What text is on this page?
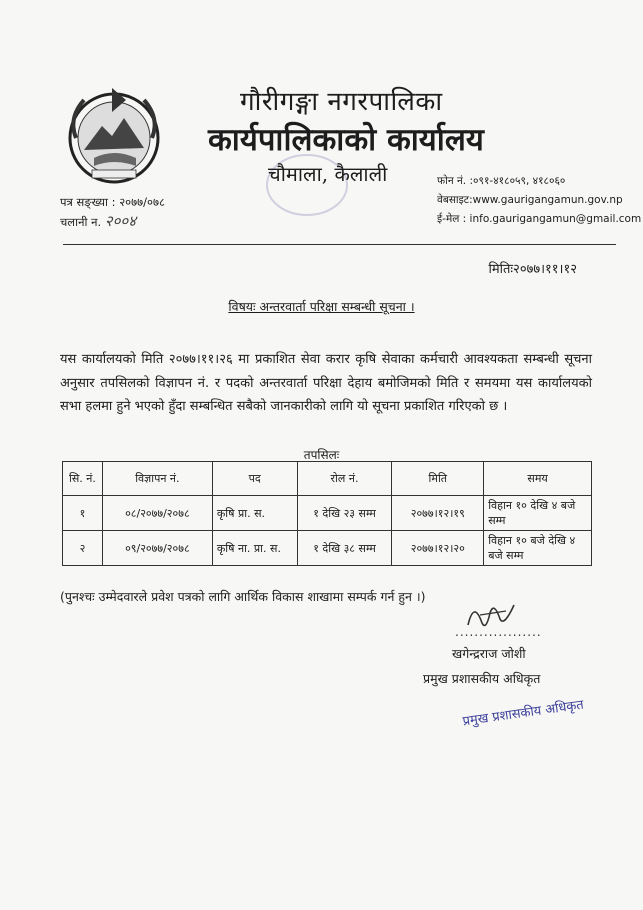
गौरीगङ्गा नगरपालिका
कार्यपालिकाको कार्यालय
चौमाला, कैलाली	फोन नं. :०९१-४१८०५९, ४१८०६०
वेबसाइट:www.gaurigangamun.gov.np
ई-मेल : info.gaurigangamun@gmail.com
पत्र सङ्ख्या : २०७७/०७८
चलानी न. २००४
मितिः२०७७।११।१२
विषयः अन्तरवार्ता परिक्षा सम्बन्धी सूचना ।
यस कार्यालयको मिति २०७७।११।२६ मा प्रकाशित सेवा करार कृषि सेवाका कर्मचारी आवश्यकता सम्बन्धी सूचना अनुसार तपसिलको विज्ञापन नं. र पदको अन्तरवार्ता परिक्षा देहाय बमोजिमको मिति र समयमा यस कार्यालयको सभा हलमा हुने भएको हुँदा सम्बन्धित सबैको जानकारीको लागि यो सूचना प्रकाशित गरिएको छ ।
तपसिलः
सि. नं.	विज्ञापन नं.	पद	रोल नं.	मिति	समय
१	०८/२०७७/२०७८	कृषि प्रा. स.	१ देखि २३ सम्म	२०७७।१२।१९	विहान १० देखि ४ बजे सम्म
२	०९/२०७७/२०७८	कृषि ना. प्रा. स.	१ देखि ३८ सम्म	२०७७।१२।२०	विहान १० बजे देखि ४ बजे सम्म
(पुनश्चः उम्मेदवारले प्रवेश पत्रको लागि आर्थिक विकास शाखामा सम्पर्क गर्न हुन ।)
..................
खगेन्द्रराज जोशी
प्रमुख प्रशासकीय अधिकृत
प्रमुख प्रशासकीय अधिकृत
